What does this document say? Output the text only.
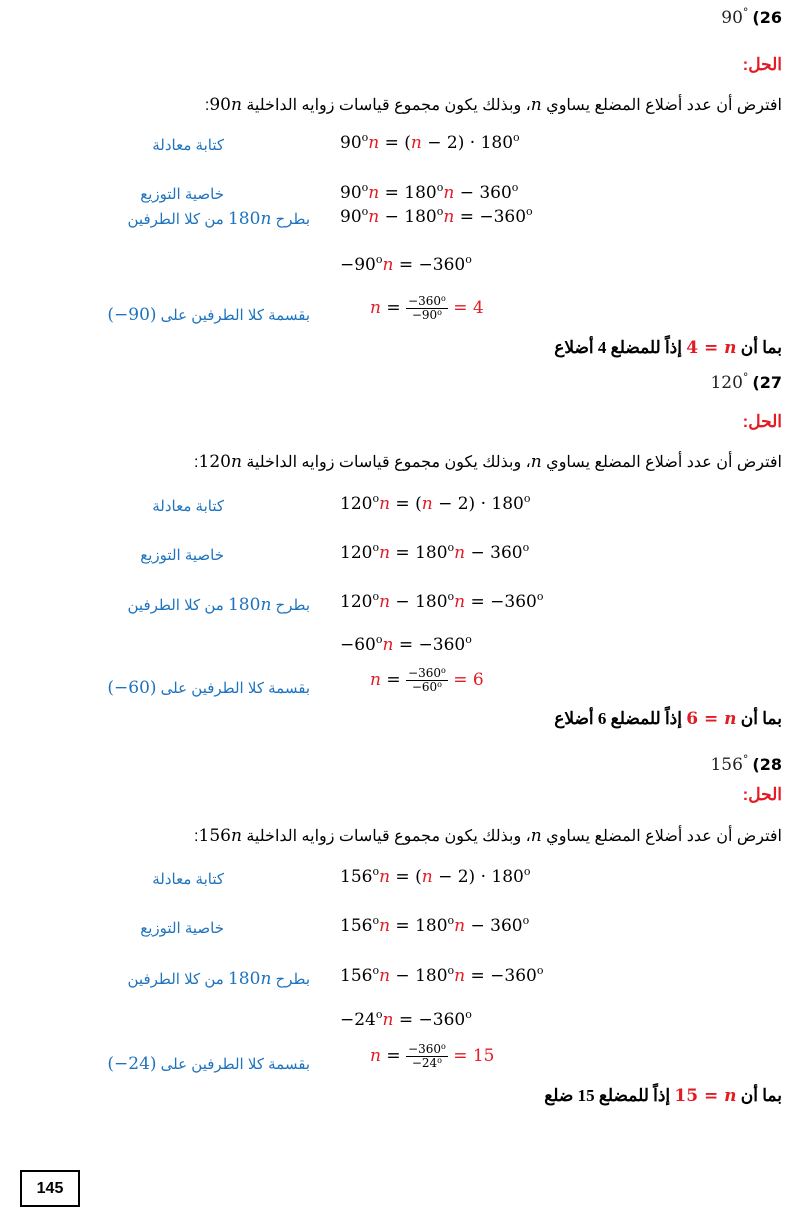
90° (26
الحل:
افترض أن عدد أضلاع المضلع يساوي n، وبذلك يكون مجموع قياسات زوايه الداخلية 90n:
$90^on = (n - 2) \cdot 180^o$
كتابة معادلة
$90^on = 180^on - 360^o$
خاصية التوزيع
$90^on - 180^on = -360^o$
بطرح 180n من كلا الطرفين
$-90^on = -360^o$
$n = \frac{-360^o}{-90^o} = 4$
بقسمة كلا الطرفين على (−90)
بما أن 4 = n إذاً للمضلع 4 أضلاع
120° (27
الحل:
افترض أن عدد أضلاع المضلع يساوي n، وبذلك يكون مجموع قياسات زوايه الداخلية 120n:
$120^on = (n - 2) \cdot 180^o$
كتابة معادلة
$120^on = 180^on - 360^o$
خاصية التوزيع
$120^on - 180^on = -360^o$
بطرح 180n من كلا الطرفين
$-60^on = -360^o$
$n = \frac{-360^o}{-60^o} = 6$
بقسمة كلا الطرفين على (−60)
بما أن 6 = n إذاً للمضلع 6 أضلاع
156° (28
الحل:
افترض أن عدد أضلاع المضلع يساوي n، وبذلك يكون مجموع قياسات زوايه الداخلية 156n:
$156^on = (n - 2) \cdot 180^o$
كتابة معادلة
$156^on = 180^on - 360^o$
خاصية التوزيع
$156^on - 180^on = -360^o$
بطرح 180n من كلا الطرفين
$-24^on = -360^o$
$n = \frac{-360^o}{-24^o} = 15$
بقسمة كلا الطرفين على (−24)
بما أن 15 = n إذاً للمضلع 15 ضلع
145
